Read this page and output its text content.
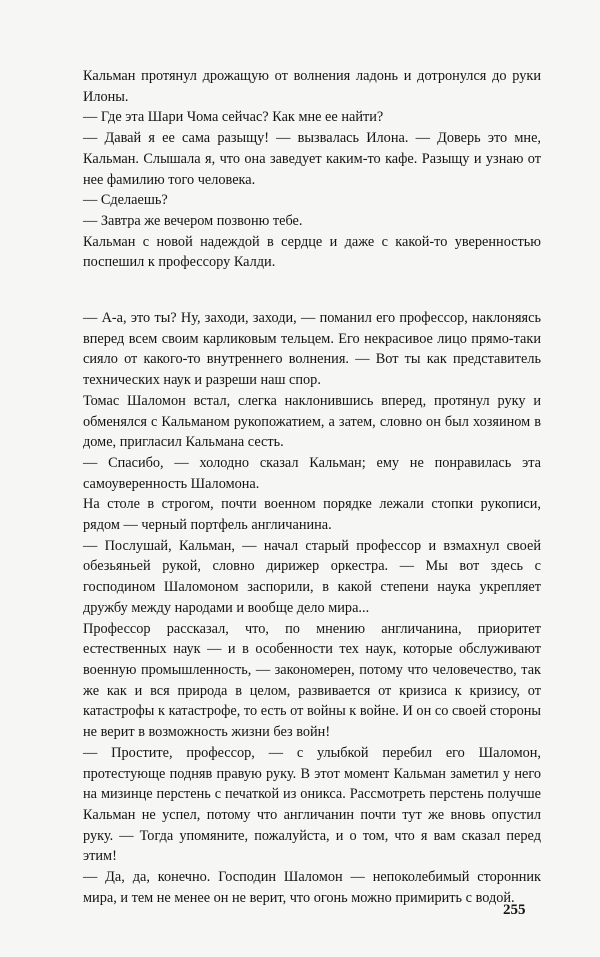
Кальман протянул дрожащую от волнения ладонь и дотронулся до руки Илоны.

— Где эта Шари Чома сейчас? Как мне ее найти?

— Давай я ее сама разыщу! — вызвалась Илона. — Доверь это мне, Кальман. Слышала я, что она заведует каким-то кафе. Разыщу и узнаю от нее фамилию того человека.

— Сделаешь?

— Завтра же вечером позвоню тебе.

Кальман с новой надеждой в сердце и даже с какой-то уверенностью поспешил к профессору Калди.

— А-а, это ты? Ну, заходи, заходи, — поманил его профессор, наклоняясь вперед всем своим карликовым тельцем. Его некрасивое лицо прямо-таки сияло от какого-то внутреннего волнения. — Вот ты как представитель технических наук и разреши наш спор.

Томас Шаломон встал, слегка наклонившись вперед, протянул руку и обменялся с Кальманом рукопожатием, а затем, словно он был хозяином в доме, пригласил Кальмана сесть.

— Спасибо, — холодно сказал Кальман; ему не понравилась эта самоуверенность Шаломона.

На столе в строгом, почти военном порядке лежали стопки рукописи, рядом — черный портфель англичанина.

— Послушай, Кальман, — начал старый профессор и взмахнул своей обезьяньей рукой, словно дирижер оркестра. — Мы вот здесь с господином Шаломоном заспорили, в какой степени наука укрепляет дружбу между народами и вообще дело мира...

Профессор рассказал, что, по мнению англичанина, приоритет естественных наук — и в особенности тех наук, которые обслуживают военную промышленность, — закономерен, потому что человечество, так же как и вся природа в целом, развивается от кризиса к кризису, от катастрофы к катастрофе, то есть от войны к войне. И он со своей стороны не верит в возможность жизни без войн!

— Простите, профессор, — с улыбкой перебил его Шаломон, протестующе подняв правую руку. В этот момент Кальман заметил у него на мизинце перстень с печаткой из оникса. Рассмотреть перстень получше Кальман не успел, потому что англичанин почти тут же вновь опустил руку. — Тогда упомяните, пожалуйста, и о том, что я вам сказал перед этим!

— Да, да, конечно. Господин Шаломон — непоколебимый сторонник мира, и тем не менее он не верит, что огонь можно примирить с водой.

255
